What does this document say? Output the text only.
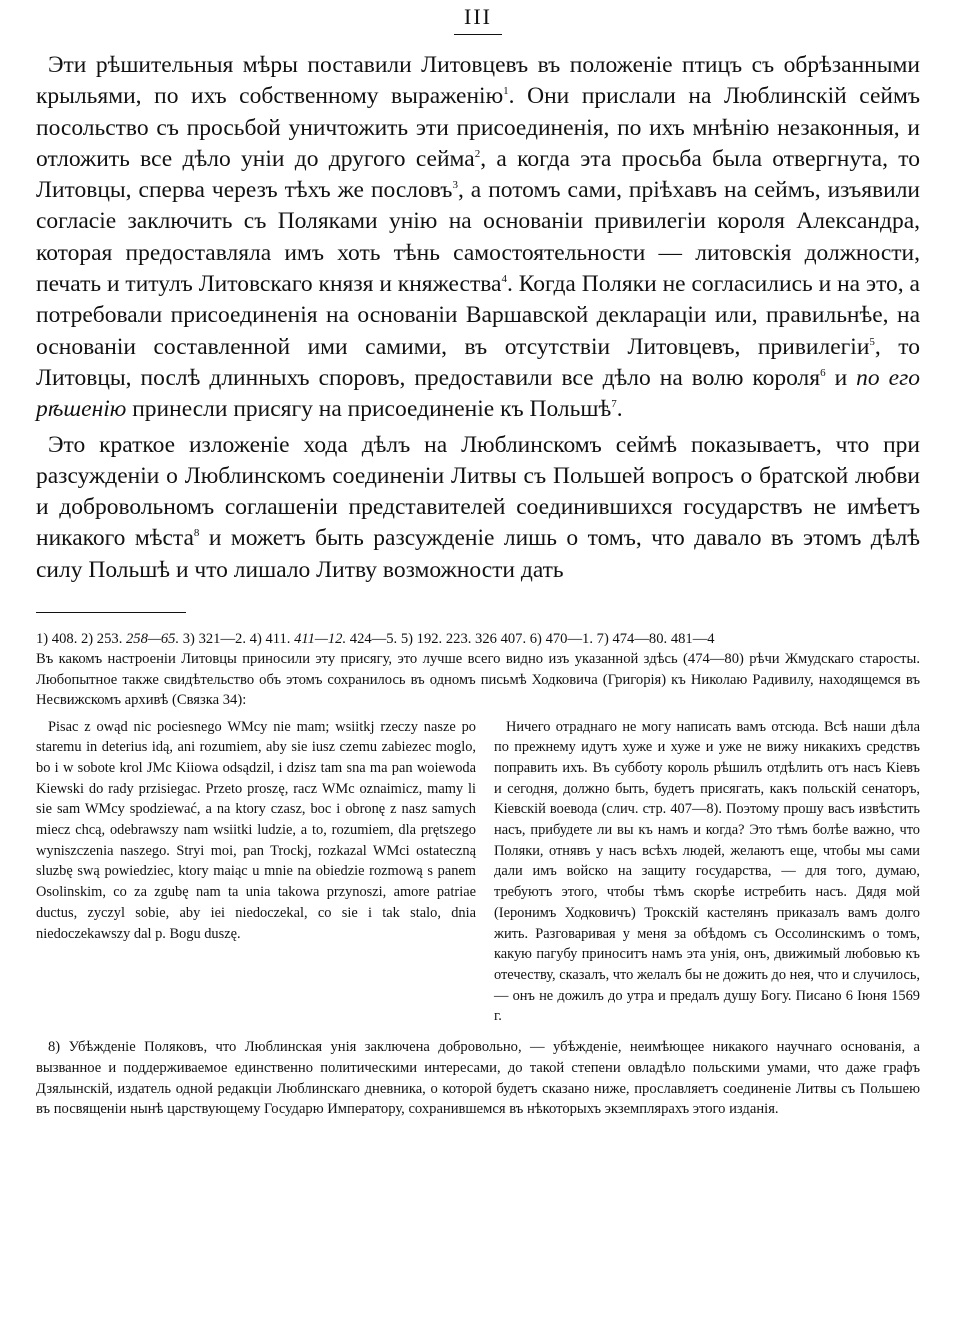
III

Эти рѣшительныя мѣры поставили Литовцевъ въ положеніе птицъ съ обрѣзанными крыльями, по ихъ собственному выраженію$^1$. Они прислали на Люблинскій сеймъ посольство съ просьбой уничтожить эти присоединенія, по ихъ мнѣнію незаконныя, и отложить все дѣло уніи до другого сейма$^2$, а когда эта просьба была отвергнута, то Литовцы, сперва черезъ тѣхъ же пословъ$^3$, а потомъ сами, пріѣхавъ на сеймъ, изъявили согласіе заключить съ Поляками унію на основаніи привилегіи короля Александра, которая предоставляла имъ хоть тѣнь самостоятельности — литовскія должности, печать и титулъ Литовскаго князя и княжества$^4$. Когда Поляки не согласились и на это, а потребовали присоединенія на основаніи Варшавской деклараціи или, правильнѣе, на основаніи составленной ими самими, въ отсутствіи Литовцевъ, привилегіи$^5$, то Литовцы, послѣ длинныхъ споровъ, предоставили все дѣло на волю короля$^6$ и по его рѣшенію принесли присягу на присоединеніе къ Польшѣ$^7$.

Это краткое изложеніе хода дѣлъ на Люблинскомъ сеймѣ показываетъ, что при разсужденіи о Люблинскомъ соединеніи Литвы съ Польшей вопросъ о братской любви и добровольномъ соглашеніи представителей соединившихся государствъ не имѣетъ никакого мѣста$^8$ и можетъ быть разсужденіе лишь о томъ, что давало въ этомъ дѣлѣ силу Польшѣ и что лишало Литву возможности дать

1) 408. 2) 253. 258—65. 3) 321—2. 4) 411. 411—12. 424—5. 5) 192. 223. 326 407. 6) 470—1. 7) 474—80. 481—4

Въ какомъ настроеніи Литовцы приносили эту присягу, это лучше всего видно изъ указанной здѣсь (474—80) рѣчи Жмудскаго старосты. Любопытное также свидѣтельство объ этомъ сохранилось въ одномъ письмѣ Ходковича (Григорія) къ Николаю Радивилу, находящемся въ Несвижскомъ архивѣ (Связка 34):

Pisac z owąd nic pociesnego WMcy nie mam; wsiitkj rzeczy nasze po staremu in deterius idą, ani rozumiem, aby sie iusz czemu zabiezec moglo, bo i w sobote krol JMc Kiiowa odsądzil, i dzisz tam sna ma pan woiewoda Kiewski do rady przisiegac. Przeto proszę, racz WMc oznaimicz, mamy li sie sam WMcy spodziewać, a na ktory czasz, boc i obronę z nasz samych miecz chcą, odebrawszy nam wsiitki ludzie, a to, rozumiem, dla prętszego wyniszczenia naszego. Stryi moi, pan Trockj, rozkazal WMci ostateczną sluzbę swą powiedziec, ktory maiąc u mnie na obiedzie rozmową s panem Osolinskim, co za zgubę nam ta unia takowa przynoszi, amore patriae ductus, zyczyl sobie, aby iei niedoczekal, co sie i tak stalo, dnia niedoczekawszy dal p. Bogu duszę.

Ничего отраднаго не могу написать вамъ отсюда. Всѣ наши дѣла по прежнему идутъ хуже и хуже и уже не вижу никакихъ средствъ поправить ихъ. Въ субботу король рѣшилъ отдѣлить отъ насъ Кіевъ и сегодня, должно быть, будетъ присягать, какъ польскій сенаторъ, Кіевскій воевода (слич. стр. 407—8). Поэтому прошу васъ извѣстить насъ, прибудете ли вы къ намъ и когда? Это тѣмъ болѣе важно, что Поляки, отнявъ у насъ всѣхъ людей, желаютъ еще, чтобы мы сами дали имъ войско на защиту государства, — для того, думаю, требуютъ этого, чтобы тѣмъ скорѣе истребить насъ. Дядя мой (Іеронимъ Ходковичъ) Трокскій кастелянъ приказалъ вамъ долго жить. Разговаривая у меня за обѣдомъ съ Оссолинскимъ о томъ, какую пагубу приноситъ намъ эта унія, онъ, движимый любовью къ отечеству, сказалъ, что желалъ бы не дожить до нея, что и случилось, — онъ не дожилъ до утра и предалъ душу Богу. Писано 6 Іюня 1569 г.

8) Убѣжденіе Поляковъ, что Люблинская унія заключена добровольно, — убѣжденіе, неимѣющее никакого научнаго основанія, а вызванное и поддерживаемое единственно политическими интересами, до такой степени овладѣло польскими умами, что даже графъ Дзялынскій, издатель одной редакціи Люблинскаго дневника, о которой будетъ сказано ниже, прославляетъ соединеніе Литвы съ Польшею въ посвященіи нынѣ царствующему Государю Императору, сохранившемся въ нѣкоторыхъ экземплярахъ этого изданія.
